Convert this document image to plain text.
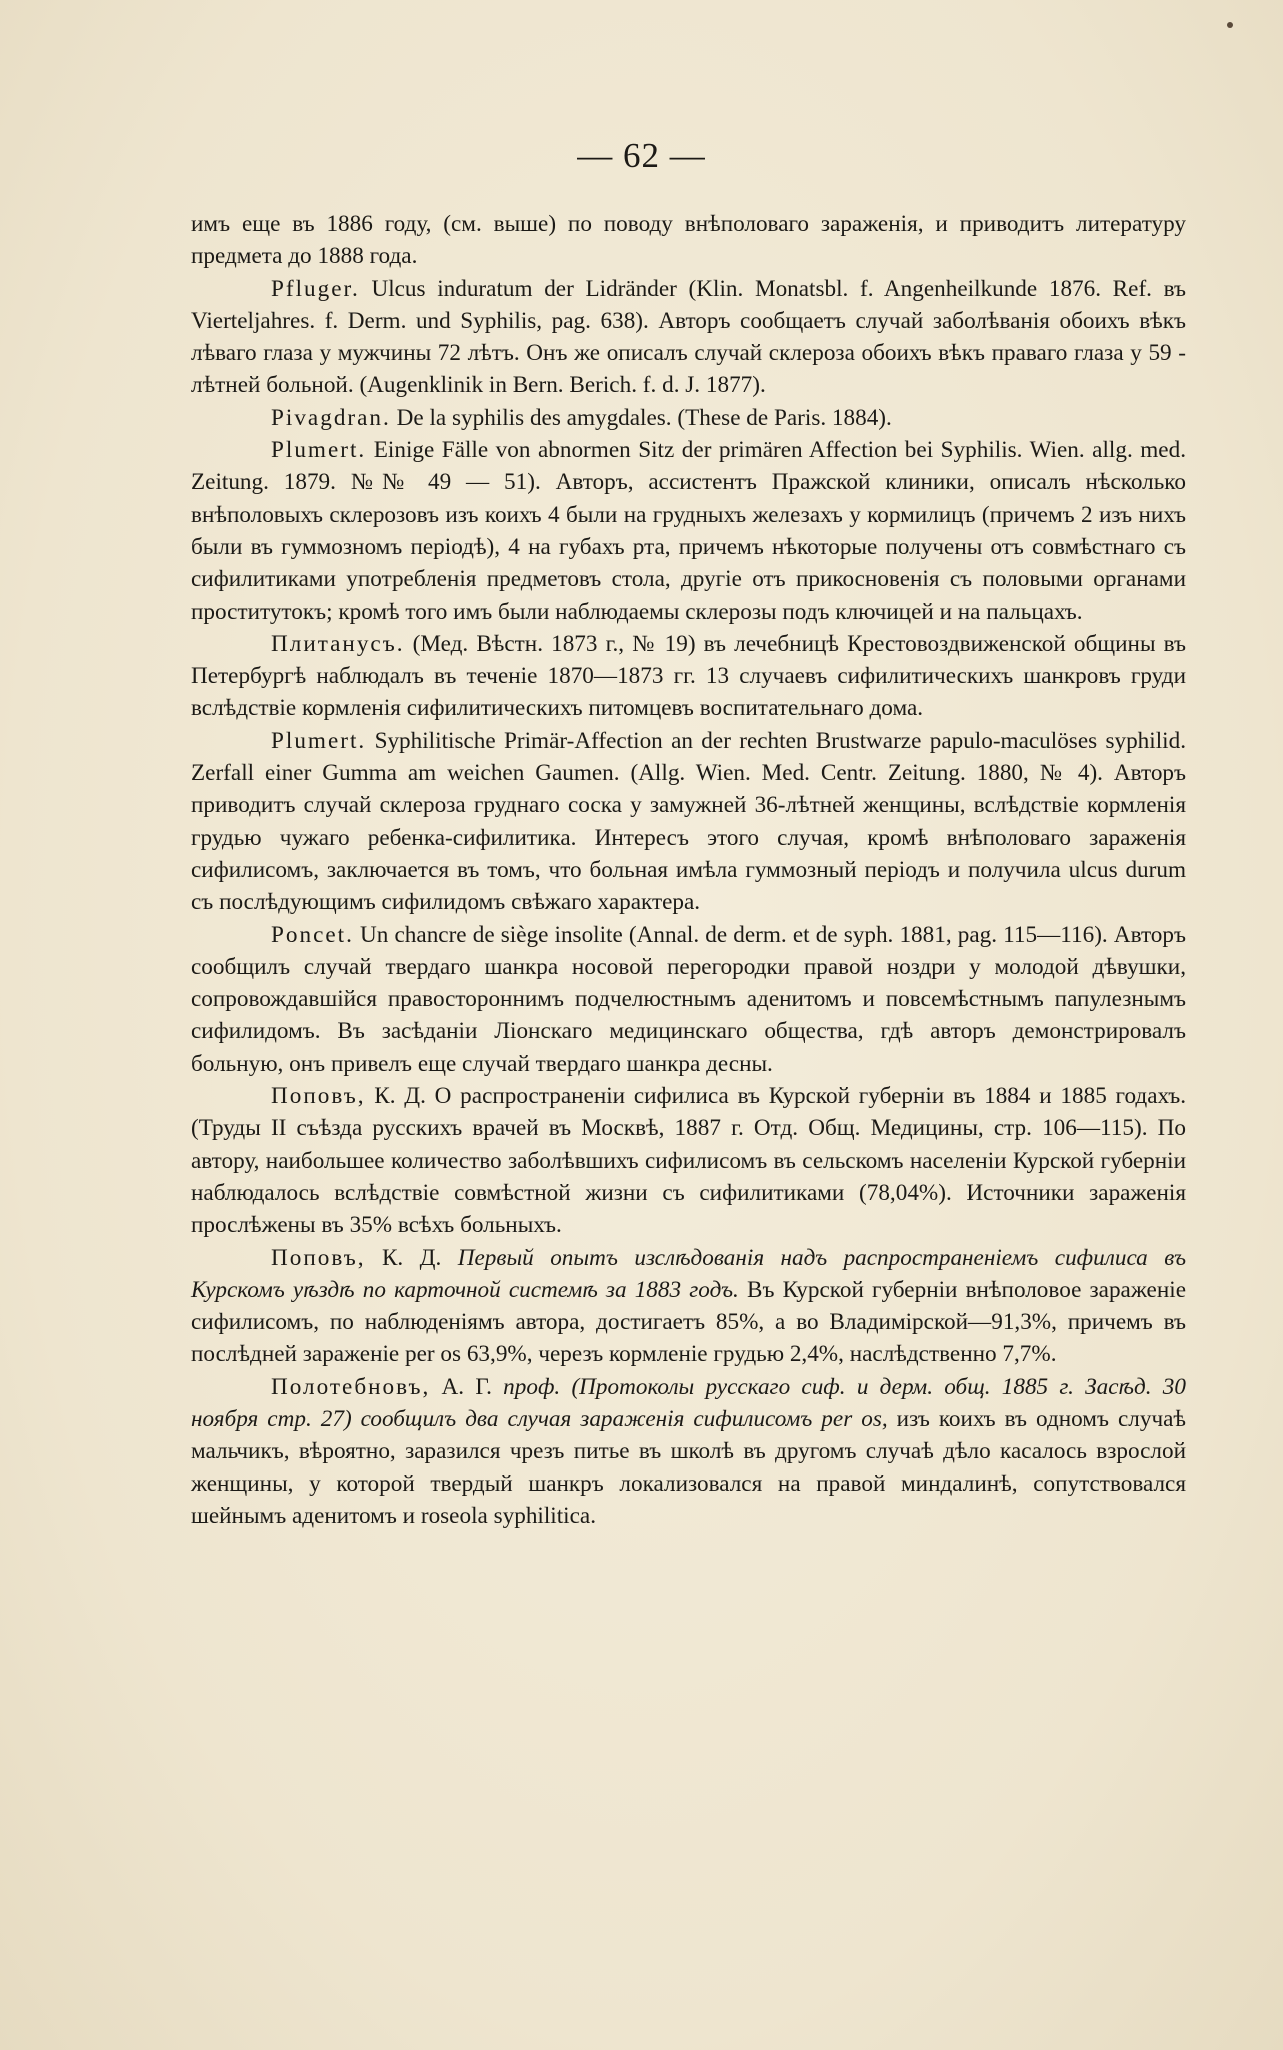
— 62 —

имъ еще въ 1886 году, (см. выше) по поводу внѣполоваго зараженія, и приводитъ литературу предмета до 1888 года.

Pfluger. Ulcus induratum der Lidränder (Klin. Monatsbl. f. Angenheilkunde 1876. Ref. въ Vierteljahres. f. Derm. und Syphilis, pag. 638). Авторъ сообщаетъ случай заболѣванія обоихъ вѣкъ лѣваго глаза у мужчины 72 лѣтъ. Онъ же описалъ случай склероза обоихъ вѣкъ праваго глаза у 59 - лѣтней больной. (Augenklinik in Bern. Berich. f. d. J. 1877).

Pivagdran. De la syphilis des amygdales. (These de Paris. 1884).

Plumert. Einige Fälle von abnormen Sitz der primären Affection bei Syphilis. Wien. allg. med. Zeitung. 1879. №№ 49 — 51). Авторъ, ассистентъ Пражской клиники, описалъ нѣсколько внѣполовыхъ склерозовъ изъ коихъ 4 были на грудныхъ железахъ у кормилицъ (причемъ 2 изъ нихъ были въ гуммозномъ періодѣ), 4 на губахъ рта, причемъ нѣкоторые получены отъ совмѣстнаго съ сифилитиками употребленія предметовъ стола, другіе отъ прикосновенія съ половыми органами проститутокъ; кромѣ того имъ были наблюдаемы склерозы подъ ключицей и на пальцахъ.

Плитанусъ. (Мед. Вѣстн. 1873 г., № 19) въ лечебницѣ Крестовоздвиженской общины въ Петербургѣ наблюдалъ въ теченіе 1870—1873 гг. 13 случаевъ сифилитическихъ шанкровъ груди вслѣдствіе кормленія сифилитическихъ питомцевъ воспитательнаго дома.

Plumert. Syphilitische Primär-Affection an der rechten Brustwarze papulo-maculöses syphilid. Zerfall einer Gumma am weichen Gaumen. (Allg. Wien. Med. Centr. Zeitung. 1880, № 4). Авторъ приводитъ случай склероза груднаго соска у замужней 36-лѣтней женщины, вслѣдствіе кормленія грудью чужаго ребенка-сифилитика. Интересъ этого случая, кромѣ внѣполоваго зараженія сифилисомъ, заключается въ томъ, что больная имѣла гуммозный періодъ и получила ulcus durum съ послѣдующимъ сифилидомъ свѣжаго характера.

Poncet. Un chancre de siège insolite (Annal. de derm. et de syph. 1881, pag. 115—116). Авторъ сообщилъ случай твердаго шанкра носовой перегородки правой ноздри у молодой дѣвушки, сопровождавшійся правостороннимъ подчелюстнымъ аденитомъ и повсемѣстнымъ папулезнымъ сифилидомъ. Въ засѣданіи Ліонскаго медицинскаго общества, гдѣ авторъ демонстрировалъ больную, онъ привелъ еще случай твердаго шанкра десны.

Поповъ, К. Д. О распространеніи сифилиса въ Курской губерніи въ 1884 и 1885 годахъ. (Труды II съѣзда русскихъ врачей въ Москвѣ, 1887 г. Отд. Общ. Медицины, стр. 106—115). По автору, наибольшее количество заболѣвшихъ сифилисомъ въ сельскомъ населеніи Курской губерніи наблюдалось вслѣдствіе совмѣстной жизни съ сифилитиками (78,04%). Источники зараженія прослѣжены въ 35% всѣхъ больныхъ.

Поповъ, К. Д. Первый опытъ изслѣдованія надъ распространеніемъ сифилиса въ Курскомъ уѣздѣ по карточной системѣ за 1883 годъ. Въ Курской губерніи внѣполовое зараженіе сифилисомъ, по наблюденіямъ автора, достигаетъ 85%, а во Владимірской—91,3%, причемъ въ послѣдней зараженіе per os 63,9%, черезъ кормленіе грудью 2,4%, наслѣдственно 7,7%.

Полотебновъ, А. Г. проф. (Протоколы русскаго сиф. и дерм. общ. 1885 г. Засѣд. 30 ноября стр. 27) сообщилъ два случая зараженія сифилисомъ per os, изъ коихъ въ одномъ случаѣ мальчикъ, вѣроятно, заразился чрезъ питье въ школѣ въ другомъ случаѣ дѣло касалось взрослой женщины, у которой твердый шанкръ локализовался на правой миндалинѣ, сопутствовался шейнымъ аденитомъ и roseola syphilitica.
